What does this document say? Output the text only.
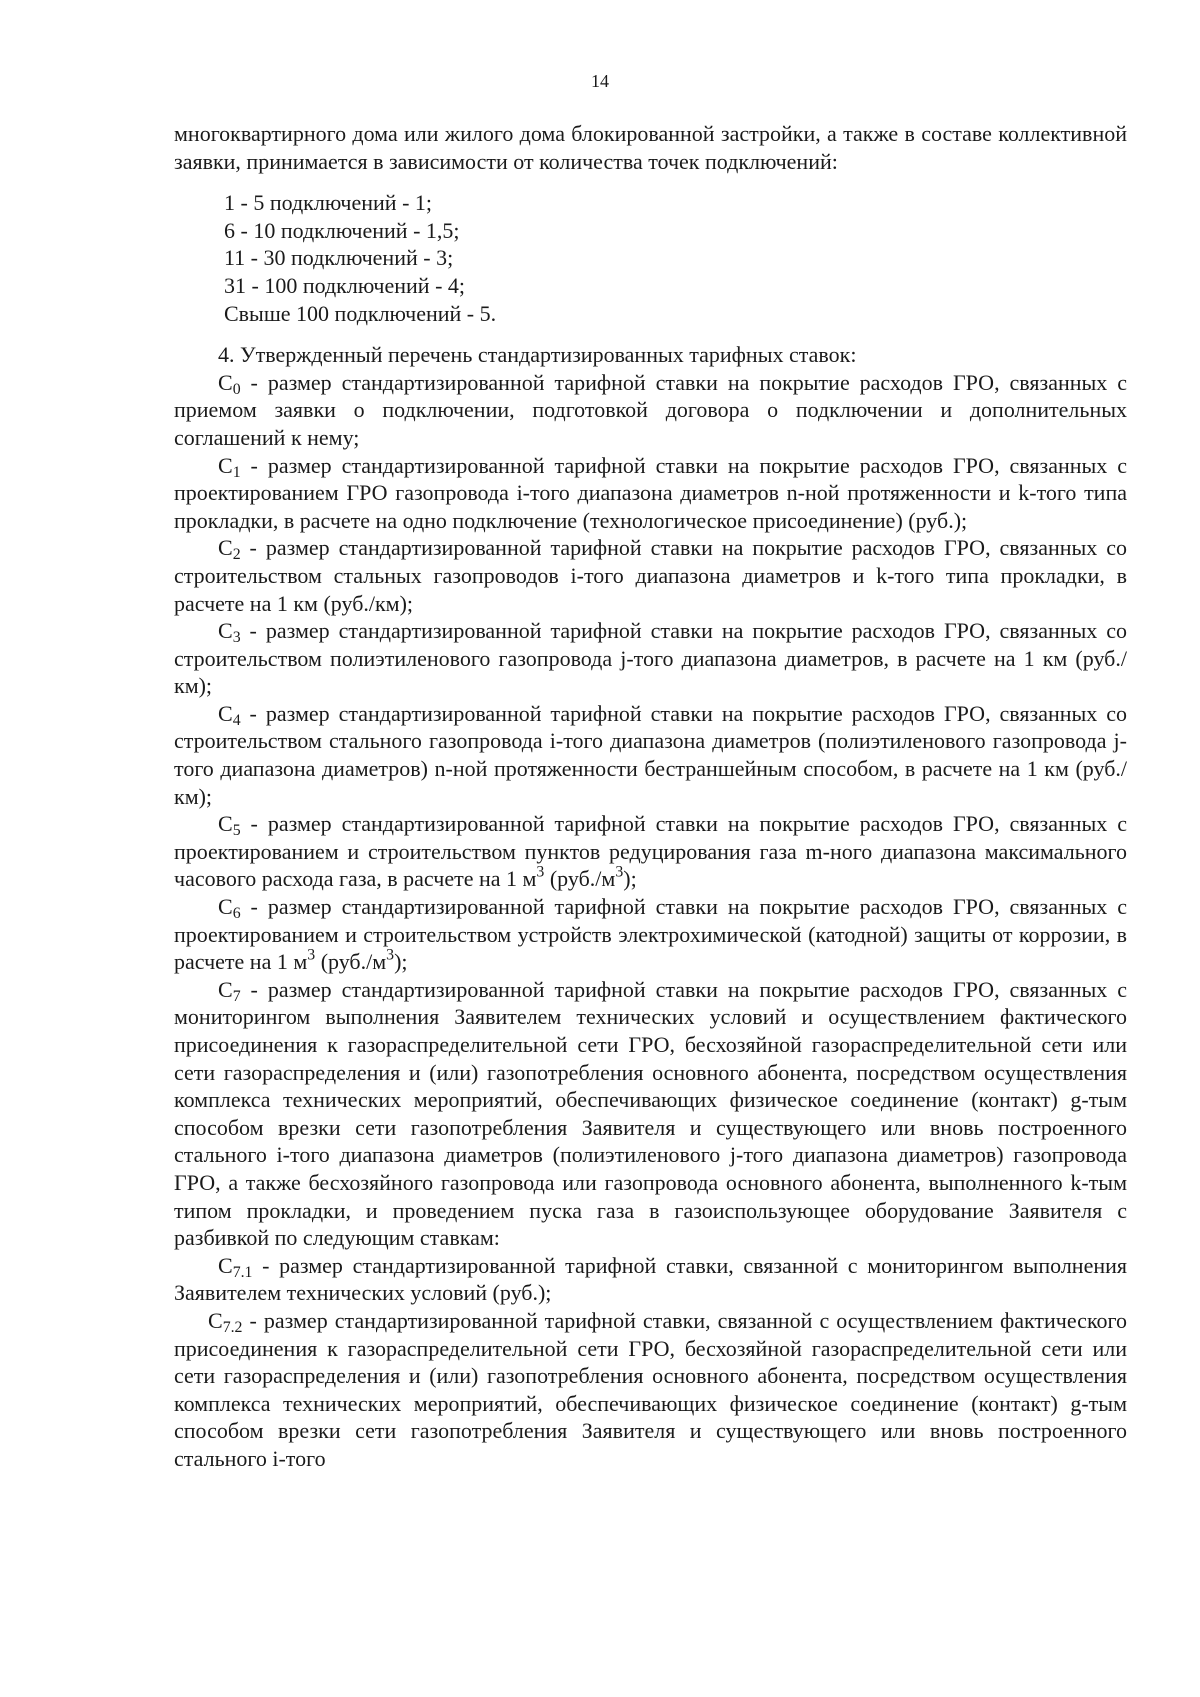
14

многоквартирного дома или жилого дома блокированной застройки, а также в составе коллективной заявки, принимается в зависимости от количества точек подключений:

1 - 5 подключений - 1;
6 - 10 подключений - 1,5;
11 - 30 подключений - 3;
31 - 100 подключений - 4;
Свыше 100 подключений - 5.

4. Утвержденный перечень стандартизированных тарифных ставок:

$C_0$ - размер стандартизированной тарифной ставки на покрытие расходов ГРО, связанных с приемом заявки о подключении, подготовкой договора о подключении и дополнительных соглашений к нему;

$C_1$ - размер стандартизированной тарифной ставки на покрытие расходов ГРО, связанных с проектированием ГРО газопровода i-того диапазона диаметров n-ной протяженности и k-того типа прокладки, в расчете на одно подключение (технологическое присоединение) (руб.);

$C_2$ - размер стандартизированной тарифной ставки на покрытие расходов ГРО, связанных со строительством стальных газопроводов i-того диапазона диаметров и k-того типа прокладки, в расчете на 1 км (руб./км);

$C_3$ - размер стандартизированной тарифной ставки на покрытие расходов ГРО, связанных со строительством полиэтиленового газопровода j-того диапазона диаметров, в расчете на 1 км (руб./км);

$C_4$ - размер стандартизированной тарифной ставки на покрытие расходов ГРО, связанных со строительством стального газопровода i-того диапазона диаметров (полиэтиленового газопровода j-того диапазона диаметров) n-ной протяженности бестраншейным способом, в расчете на 1 км (руб./км);

$C_5$ - размер стандартизированной тарифной ставки на покрытие расходов ГРО, связанных с проектированием и строительством пунктов редуцирования газа m-ного диапазона максимального часового расхода газа, в расчете на 1 $м^3$ $(руб./м^3)$;

$C_6$ - размер стандартизированной тарифной ставки на покрытие расходов ГРО, связанных с проектированием и строительством устройств электрохимической (катодной) защиты от коррозии, в расчете на 1 $м^3$ $(руб./м^3)$;

$C_7$ - размер стандартизированной тарифной ставки на покрытие расходов ГРО, связанных с мониторингом выполнения Заявителем технических условий и осуществлением фактического присоединения к газораспределительной сети ГРО, бесхозяйной газораспределительной сети или сети газораспределения и (или) газопотребления основного абонента, посредством осуществления комплекса технических мероприятий, обеспечивающих физическое соединение (контакт) g-тым способом врезки сети газопотребления Заявителя и существующего или вновь построенного стального i-того диапазона диаметров (полиэтиленового j-того диапазона диаметров) газопровода ГРО, а также бесхозяйного газопровода или газопровода основного абонента, выполненного k-тым типом прокладки, и проведением пуска газа в газоиспользующее оборудование Заявителя с разбивкой по следующим ставкам:

$C_{7.1}$ - размер стандартизированной тарифной ставки, связанной с мониторингом выполнения Заявителем технических условий (руб.);

$C_{7.2}$ - размер стандартизированной тарифной ставки, связанной с осуществлением фактического присоединения к газораспределительной сети ГРО, бесхозяйной газораспределительной сети или сети газораспределения и (или) газопотребления основного абонента, посредством осуществления комплекса технических мероприятий, обеспечивающих физическое соединение (контакт) g-тым способом врезки сети газопотребления Заявителя и существующего или вновь построенного стального i-того
